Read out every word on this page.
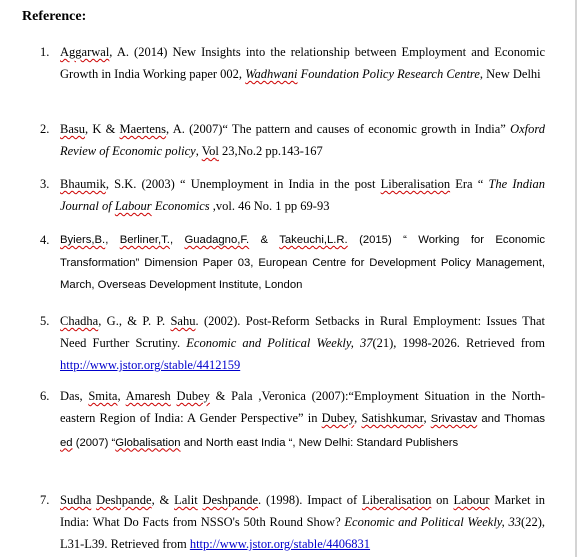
Reference:
1. Aggarwal, A. (2014) New Insights into the relationship between Employment and Economic Growth in India Working paper 002, Wadhwani Foundation Policy Research Centre, New Delhi
2. Basu, K & Maertens, A. (2007)“ The pattern and causes of economic growth in India” Oxford Review of Economic policy, Vol 23,No.2 pp.143-167
3. Bhaumik, S.K. (2003) “ Unemployment in India in the post Liberalisation Era “ The Indian Journal of Labour Economics ,vol. 46 No. 1 pp 69-93
4. Byiers,B., Berliner,T., Guadagno,F. & Takeuchi,L.R. (2015) “ Working for Economic Transformation” Dimension Paper 03, European Centre for Development Policy Management, March, Overseas Development Institute, London
5. Chadha, G., & P. P. Sahu. (2002). Post-Reform Setbacks in Rural Employment: Issues That Need Further Scrutiny. Economic and Political Weekly, 37(21), 1998-2026. Retrieved from http://www.jstor.org/stable/4412159
6. Das, Smita, Amaresh Dubey & Pala ,Veronica (2007):“Employment Situation in the North-eastern Region of India: A Gender Perspective” in Dubey, Satishkumar, Srivastav and Thomas ed (2007) “Globalisation and North east India “, New Delhi: Standard Publishers
7. Sudha Deshpande, & Lalit Deshpande. (1998). Impact of Liberalisation on Labour Market in India: What Do Facts from NSSO's 50th Round Show? Economic and Political Weekly, 33(22), L31-L39. Retrieved from http://www.jstor.org/stable/4406831
